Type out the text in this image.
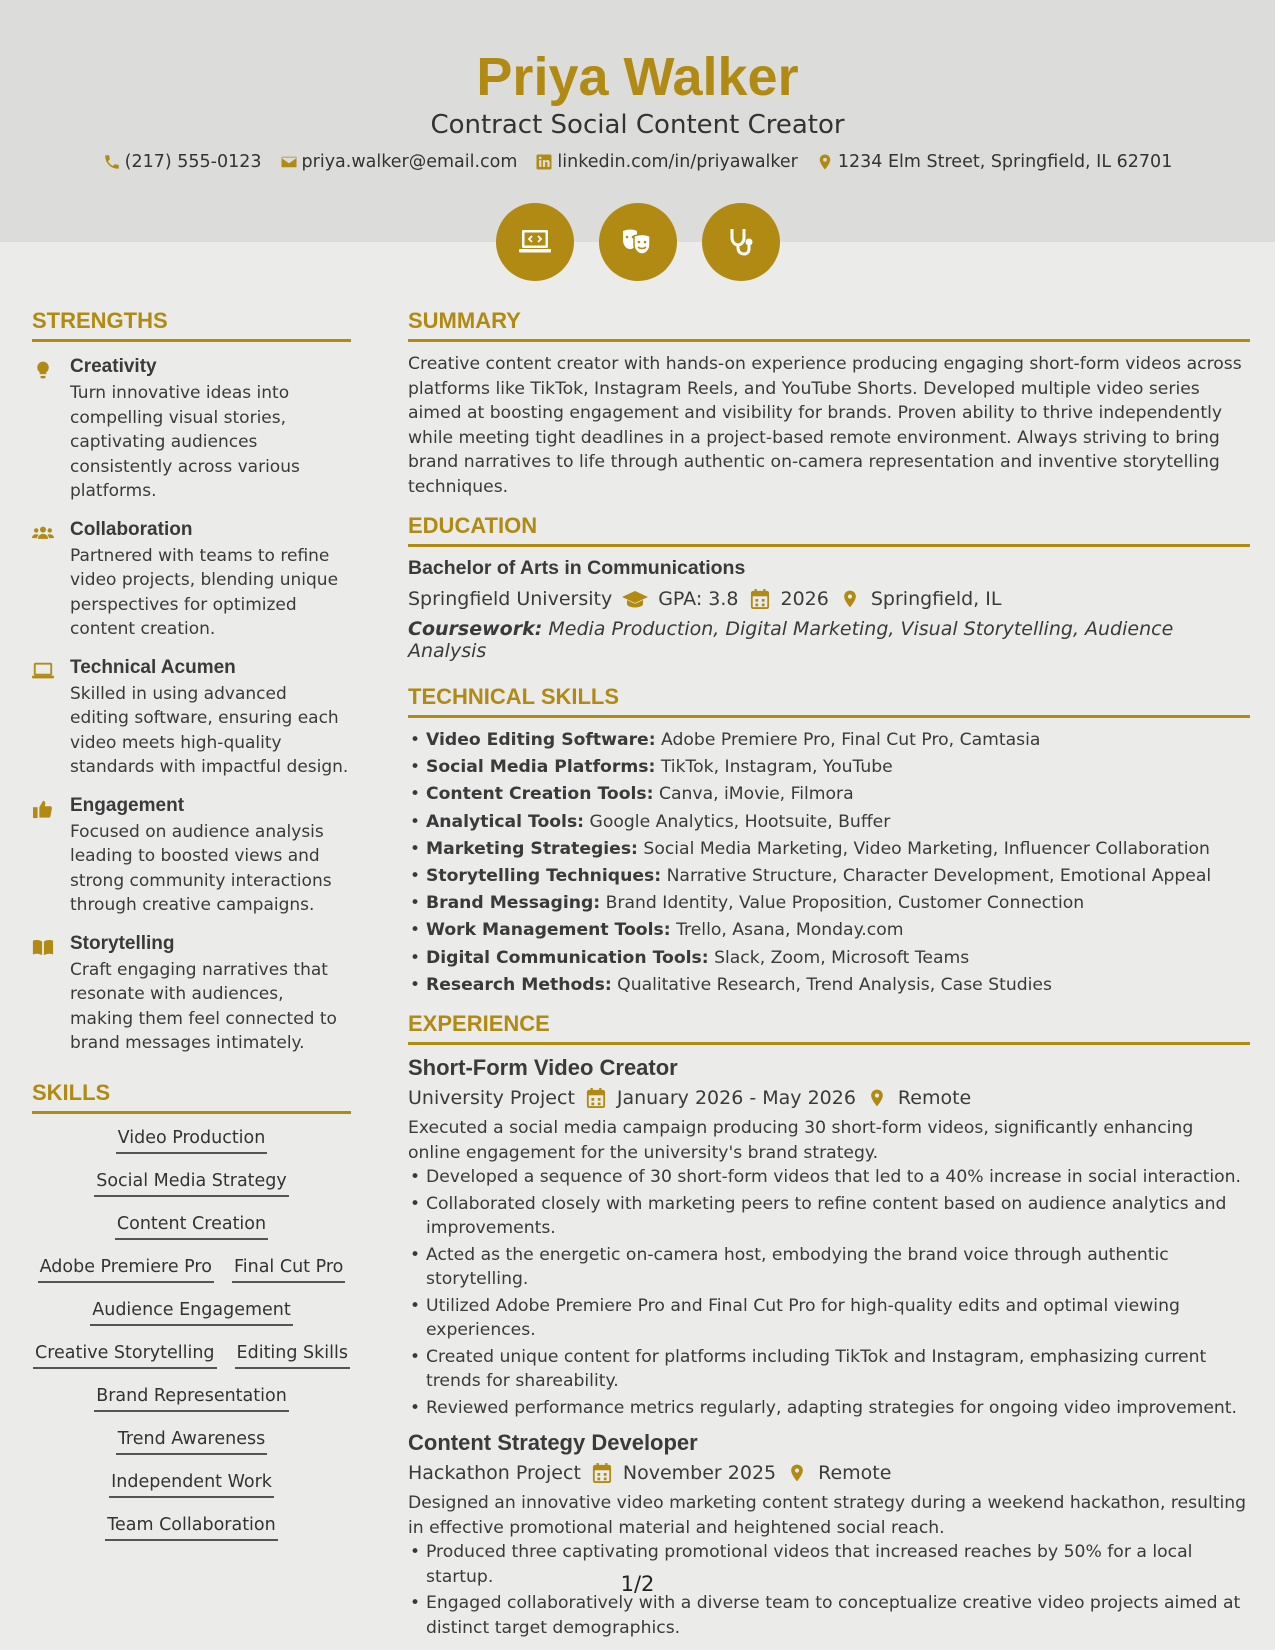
Priya Walker
Contract Social Content Creator
(217) 555-0123 priya.walker@email.com linkedin.com/in/priyawalker 1234 Elm Street, Springfield, IL 62701
STRENGTHS
Creativity
Turn innovative ideas into compelling visual stories, captivating audiences consistently across various platforms.
Collaboration
Partnered with teams to refine video projects, blending unique perspectives for optimized content creation.
Technical Acumen
Skilled in using advanced editing software, ensuring each video meets high-quality standards with impactful design.
Engagement
Focused on audience analysis leading to boosted views and strong community interactions through creative campaigns.
Storytelling
Craft engaging narratives that resonate with audiences, making them feel connected to brand messages intimately.
SKILLS
Video Production
Social Media Strategy
Content Creation
Adobe Premiere Pro Final Cut Pro
Audience Engagement
Creative Storytelling Editing Skills
Brand Representation
Trend Awareness
Independent Work
Team Collaboration
SUMMARY

Creative content creator with hands-on experience producing engaging short-form videos across platforms like TikTok, Instagram Reels, and YouTube Shorts. Developed multiple video series aimed at boosting engagement and visibility for brands. Proven ability to thrive independently while meeting tight deadlines in a project-based remote environment. Always striving to bring brand narratives to life through authentic on-camera representation and inventive storytelling techniques.

EDUCATION
Bachelor of Arts in Communications
Springfield University GPA: 3.8 2026 Springfield, IL
Coursework: Media Production, Digital Marketing, Visual Storytelling, Audience Analysis
TECHNICAL SKILLS
• Video Editing Software: Adobe Premiere Pro, Final Cut Pro, Camtasia
• Social Media Platforms: TikTok, Instagram, YouTube
• Content Creation Tools: Canva, iMovie, Filmora
• Analytical Tools: Google Analytics, Hootsuite, Buffer
• Marketing Strategies: Social Media Marketing, Video Marketing, Influencer Collaboration
• Storytelling Techniques: Narrative Structure, Character Development, Emotional Appeal
• Brand Messaging: Brand Identity, Value Proposition, Customer Connection
• Work Management Tools: Trello, Asana, Monday.com
• Digital Communication Tools: Slack, Zoom, Microsoft Teams
• Research Methods: Qualitative Research, Trend Analysis, Case Studies
EXPERIENCE
Short-Form Video Creator
University Project January 2026 - May 2026 Remote

Executed a social media campaign producing 30 short-form videos, significantly enhancing online engagement for the university's brand strategy.

• Developed a sequence of 30 short-form videos that led to a 40% increase in social interaction.
• Collaborated closely with marketing peers to refine content based on audience analytics and improvements.
• Acted as the energetic on-camera host, embodying the brand voice through authentic storytelling.
• Utilized Adobe Premiere Pro and Final Cut Pro for high-quality edits and optimal viewing experiences.
• Created unique content for platforms including TikTok and Instagram, emphasizing current trends for shareability.
• Reviewed performance metrics regularly, adapting strategies for ongoing video improvement.
Content Strategy Developer
Hackathon Project November 2025 Remote

Designed an innovative video marketing content strategy during a weekend hackathon, resulting in effective promotional material and heightened social reach.

• Produced three captivating promotional videos that increased reaches by 50% for a local startup.
• Engaged collaboratively with a diverse team to conceptualize creative video projects aimed at distinct target demographics.
1/2
